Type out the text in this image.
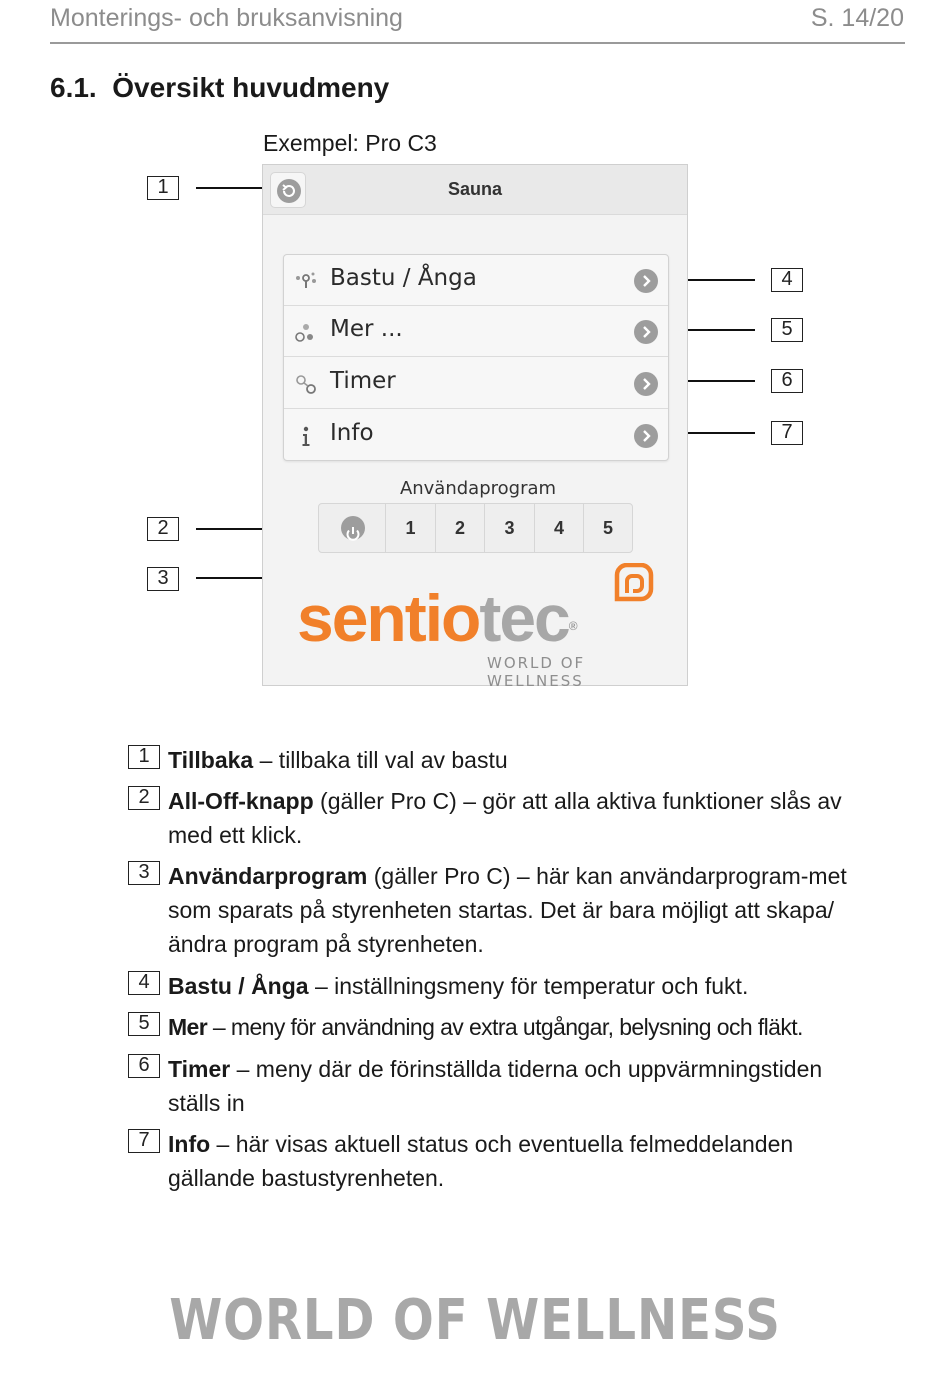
Monterings- och bruksanvisning	S. 14/20
6.1. Översikt huvudmeny
Exempel: Pro C3
1
2
3
4
5
6
7
Sauna
Bastu / Ånga
Mer ...
Timer
Info
Användaprogram
1	2	3	4	5
sentiotec®
WORLD OF WELLNESS
1 Tillbaka – tillbaka till val av bastu
2 All-Off-knapp (gäller Pro C) – gör att alla aktiva funktioner slås av med ett klick.
3 Användarprogram (gäller Pro C) – här kan användarprogram-met som sparats på styrenheten startas. Det är bara möjligt att skapa/ändra program på styrenheten.
4 Bastu / Ånga – inställningsmeny för temperatur och fukt.
5 Mer – meny för användning av extra utgångar, belysning och fläkt.
6 Timer – meny där de förinställda tiderna och uppvärmningstiden ställs in
7 Info – här visas aktuell status och eventuella felmeddelanden gällande bastustyrenheten.
WORLD OF WELLNESS
